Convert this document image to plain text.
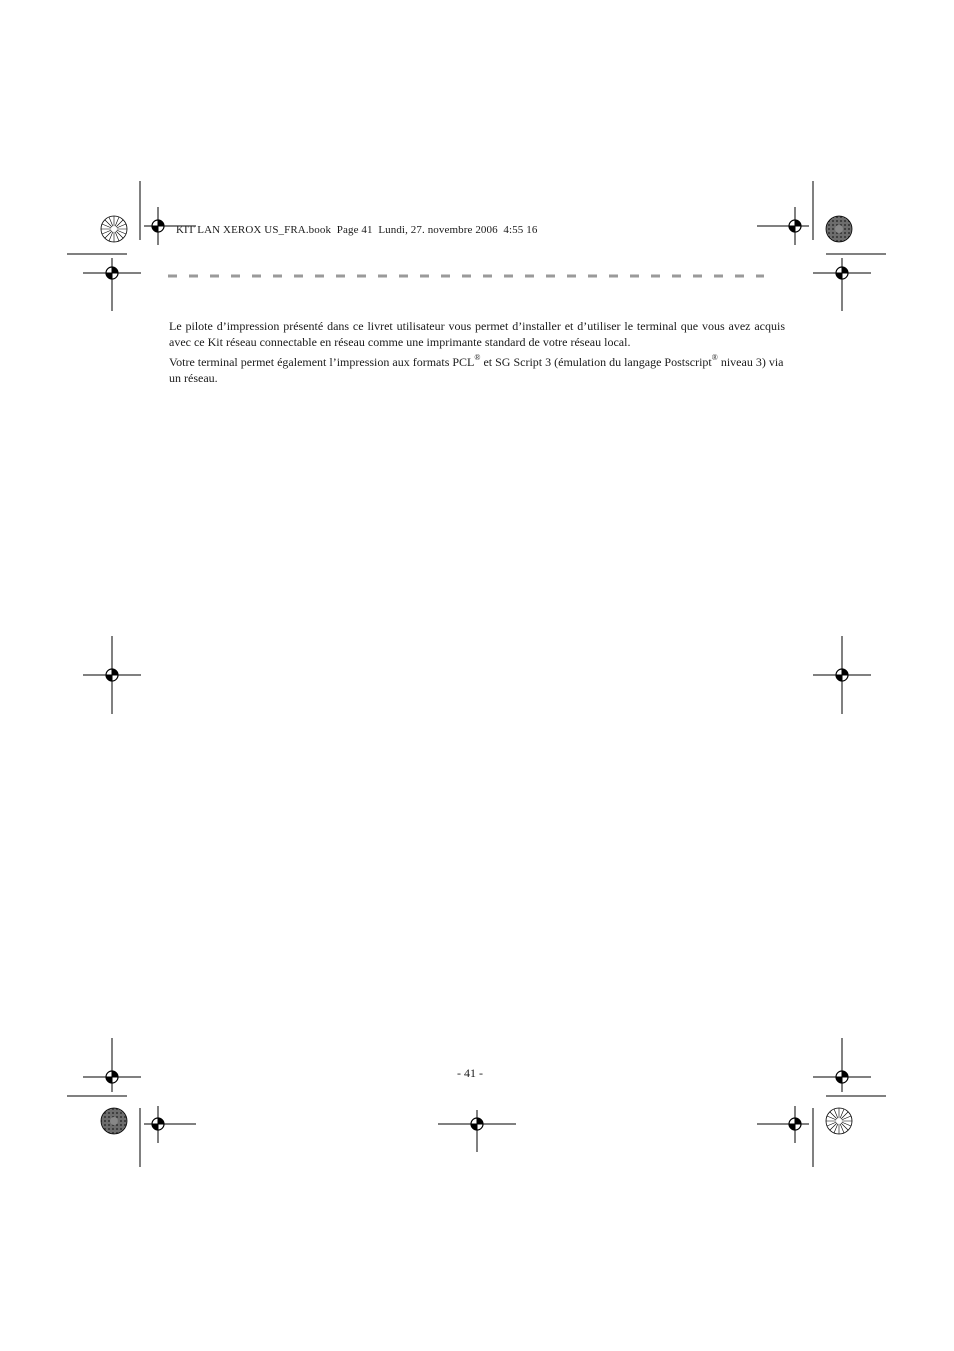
KIT LAN XEROX US_FRA.book  Page 41  Lundi, 27. novembre 2006  4:55 16

Le pilote d’impression présenté dans ce livret utilisateur vous permet d’installer et d’utiliser le terminal que vous avez acquis avec ce Kit réseau connectable en réseau comme une imprimante standard de votre réseau local.

Votre terminal permet également l’impression aux formats PCL® et SG Script 3 (émulation du langage Postscript® niveau 3) via un réseau.

- 41 -
